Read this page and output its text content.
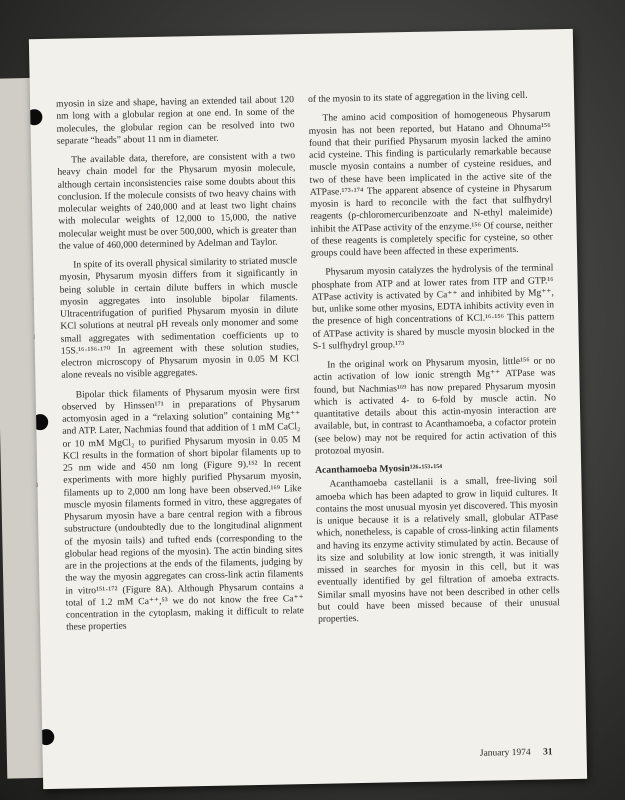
myosin in size and shape, having an extended tail about 120 nm long with a globular region at one end. In some of the molecules, the globular region can be resolved into two separate “heads” about 11 nm in diameter.

The available data, therefore, are consistent with a two heavy chain model for the Physarum myosin molecule, although certain inconsistencies raise some doubts about this conclusion. If the molecule consists of two heavy chains with molecular weights of 240,000 and at least two light chains with molecular weights of 12,000 to 15,000, the native molecular weight must be over 500,000, which is greater than the value of 460,000 determined by Adelman and Taylor.

In spite of its overall physical similarity to striated muscle myosin, Physarum myosin differs from it significantly in being soluble in certain dilute buffers in which muscle myosin aggregates into insoluble bipolar filaments. Ultracentrifugation of purified Physarum myosin in dilute KCl solutions at neutral pH reveals only monomer and some small aggregates with sedimentation coefficients up to 15S.¹⁶·¹⁵⁶·¹⁷⁰ In agreement with these solution studies, electron microscopy of Physarum myosin in 0.05 M KCl alone reveals no visible aggregates.

Bipolar thick filaments of Physarum myosin were first observed by Hinssen¹⁷¹ in preparations of Physarum actomyosin aged in a “relaxing solution” containing Mg⁺⁺ and ATP. Later, Nachmias found that addition of 1 mM CaCl₂ or 10 mM MgCl₂ to purified Physarum myosin in 0.05 M KCl results in the formation of short bipolar filaments up to 25 nm wide and 450 nm long (Figure 9).¹⁵² In recent experiments with more highly purified Physarum myosin, filaments up to 2,000 nm long have been observed.¹⁶⁹ Like muscle myosin filaments formed in vitro, these aggregates of Physarum myosin have a bare central region with a fibrous substructure (undoubtedly due to the longitudinal alignment of the myosin tails) and tufted ends (corresponding to the globular head regions of the myosin). The actin binding sites are in the projections at the ends of the filaments, judging by the way the myosin aggregates can cross-link actin filaments in vitro¹⁵¹·¹⁷² (Figure 8A). Although Physarum contains a total of 1.2 mM Ca⁺⁺,⁵³ we do not know the free Ca⁺⁺ concentration in the cytoplasm, making it difficult to relate these properties

of the myosin to its state of aggregation in the living cell.

The amino acid composition of homogeneous Physarum myosin has not been reported, but Hatano and Ohnuma¹⁵⁶ found that their purified Physarum myosin lacked the amino acid cysteine. This finding is particularly remarkable because muscle myosin contains a number of cysteine residues, and two of these have been implicated in the active site of the ATPase.¹⁷³·¹⁷⁴ The apparent absence of cysteine in Physarum myosin is hard to reconcile with the fact that sulfhydryl reagents (p-chloromercuribenzoate and N-ethyl maleimide) inhibit the ATPase activity of the enzyme.¹⁵⁶ Of course, neither of these reagents is completely specific for cysteine, so other groups could have been affected in these experiments.

Physarum myosin catalyzes the hydrolysis of the terminal phosphate from ATP and at lower rates from ITP and GTP.¹⁶ ATPase activity is activated by Ca⁺⁺ and inhibited by Mg⁺⁺, but, unlike some other myosins, EDTA inhibits activity even in the presence of high concentrations of KCl.¹⁶·¹⁵⁶ This pattern of ATPase activity is shared by muscle myosin blocked in the S-1 sulfhydryl group.¹⁷³

In the original work on Physarum myosin, little¹⁵⁶ or no actin activation of low ionic strength Mg⁺⁺ ATPase was found, but Nachmias¹⁶⁹ has now prepared Physarum myosin which is activated 4- to 6-fold by muscle actin. No quantitative details about this actin-myosin interaction are available, but, in contrast to Acanthamoeba, a cofactor protein (see below) may not be required for actin activation of this protozoal myosin.

Acanthamoeba Myosin¹²⁶·¹⁵³·¹⁵⁴

Acanthamoeba castellanii is a small, free-living soil amoeba which has been adapted to grow in liquid cultures. It contains the most unusual myosin yet discovered. This myosin is unique because it is a relatively small, globular ATPase which, nonetheless, is capable of cross-linking actin filaments and having its enzyme activity stimulated by actin. Because of its size and solubility at low ionic strength, it was initially missed in searches for myosin in this cell, but it was eventually identified by gel filtration of amoeba extracts. Similar small myosins have not been described in other cells but could have been missed because of their unusual properties.

January 1974 31
